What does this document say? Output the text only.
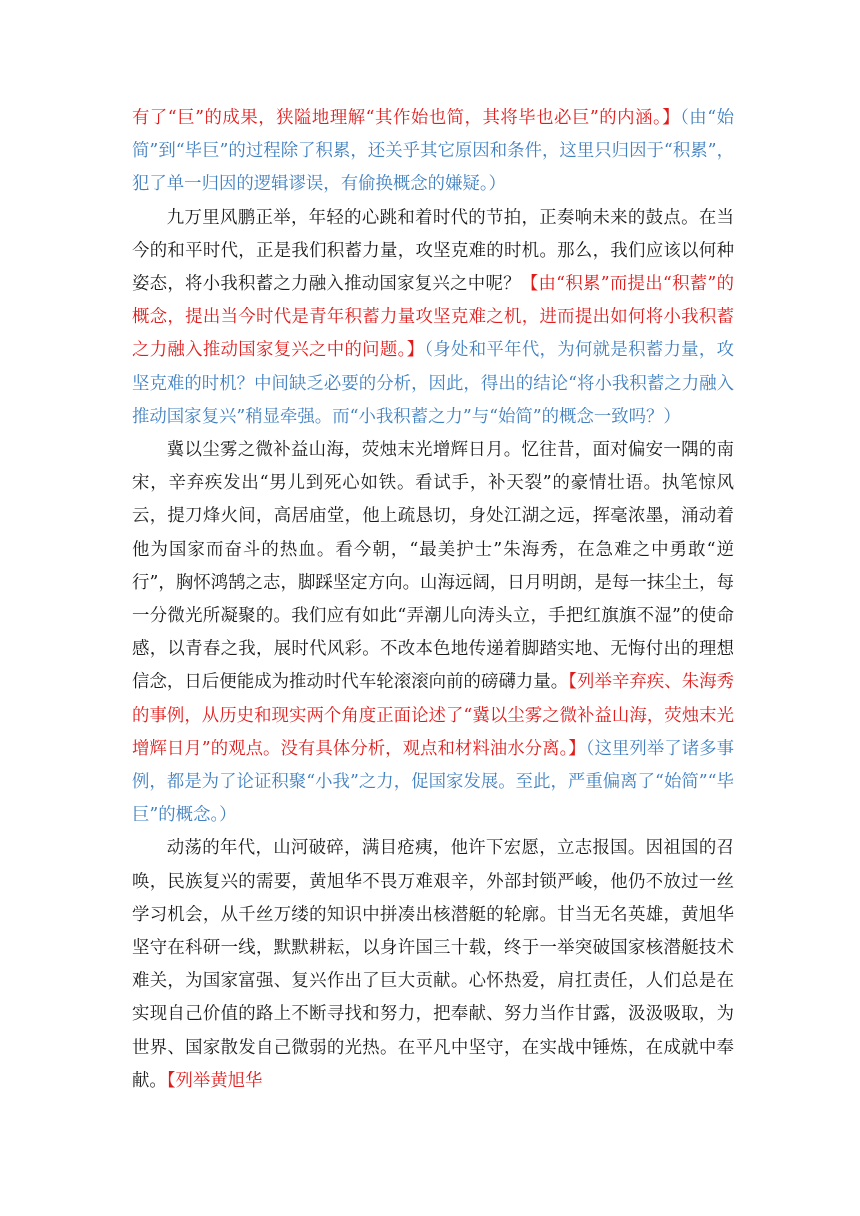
有了“巨”的成果，狭隘地理解“其作始也简，其将毕也必巨”的内涵。】（由“始简”到“毕巨”的过程除了积累，还关乎其它原因和条件，这里只归因于“积累”，犯了单一归因的逻辑谬误，有偷换概念的嫌疑。）

九万里风鹏正举，年轻的心跳和着时代的节拍，正奏响未来的鼓点。在当今的和平时代，正是我们积蓄力量，攻坚克难的时机。那么，我们应该以何种姿态，将小我积蓄之力融入推动国家复兴之中呢？【由“积累”而提出“积蓄”的概念，提出当今时代是青年积蓄力量攻坚克难之机，进而提出如何将小我积蓄之力融入推动国家复兴之中的问题。】（身处和平年代，为何就是积蓄力量，攻坚克难的时机？中间缺乏必要的分析，因此，得出的结论“将小我积蓄之力融入推动国家复兴”稍显牵强。而“小我积蓄之力”与“始简”的概念一致吗？）

冀以尘雾之微补益山海，荧烛末光增辉日月。忆往昔，面对偏安一隅的南宋，辛弃疾发出“男儿到死心如铁。看试手，补天裂”的豪情壮语。执笔惊风云，提刀烽火间，高居庙堂，他上疏恳切，身处江湖之远，挥毫浓墨，涌动着他为国家而奋斗的热血。看今朝，“最美护士”朱海秀，在急难之中勇敢“逆行”，胸怀鸿鹄之志，脚踩坚定方向。山海远阔，日月明朗，是每一抹尘土，每一分微光所凝聚的。我们应有如此“弄潮儿向涛头立，手把红旗旗不湿”的使命感，以青春之我，展时代风彩。不改本色地传递着脚踏实地、无悔付出的理想信念，日后便能成为推动时代车轮滚滚向前的磅礴力量。【列举辛弃疾、朱海秀的事例，从历史和现实两个角度正面论述了“冀以尘雾之微补益山海，荧烛末光增辉日月”的观点。没有具体分析，观点和材料油水分离。】（这里列举了诸多事例，都是为了论证积聚“小我”之力，促国家发展。至此，严重偏离了“始简”“毕巨”的概念。）

动荡的年代，山河破碎，满目疮痍，他许下宏愿，立志报国。因祖国的召唤，民族复兴的需要，黄旭华不畏万难艰辛，外部封锁严峻，他仍不放过一丝学习机会，从千丝万缕的知识中拼凑出核潜艇的轮廓。甘当无名英雄，黄旭华坚守在科研一线，默默耕耘，以身许国三十载，终于一举突破国家核潜艇技术难关，为国家富强、复兴作出了巨大贡献。心怀热爱，肩扛责任，人们总是在实现自己价值的路上不断寻找和努力，把奉献、努力当作甘露，汲汲吸取，为世界、国家散发自己微弱的光热。在平凡中坚守，在实战中锤炼，在成就中奉献。【列举黄旭华
